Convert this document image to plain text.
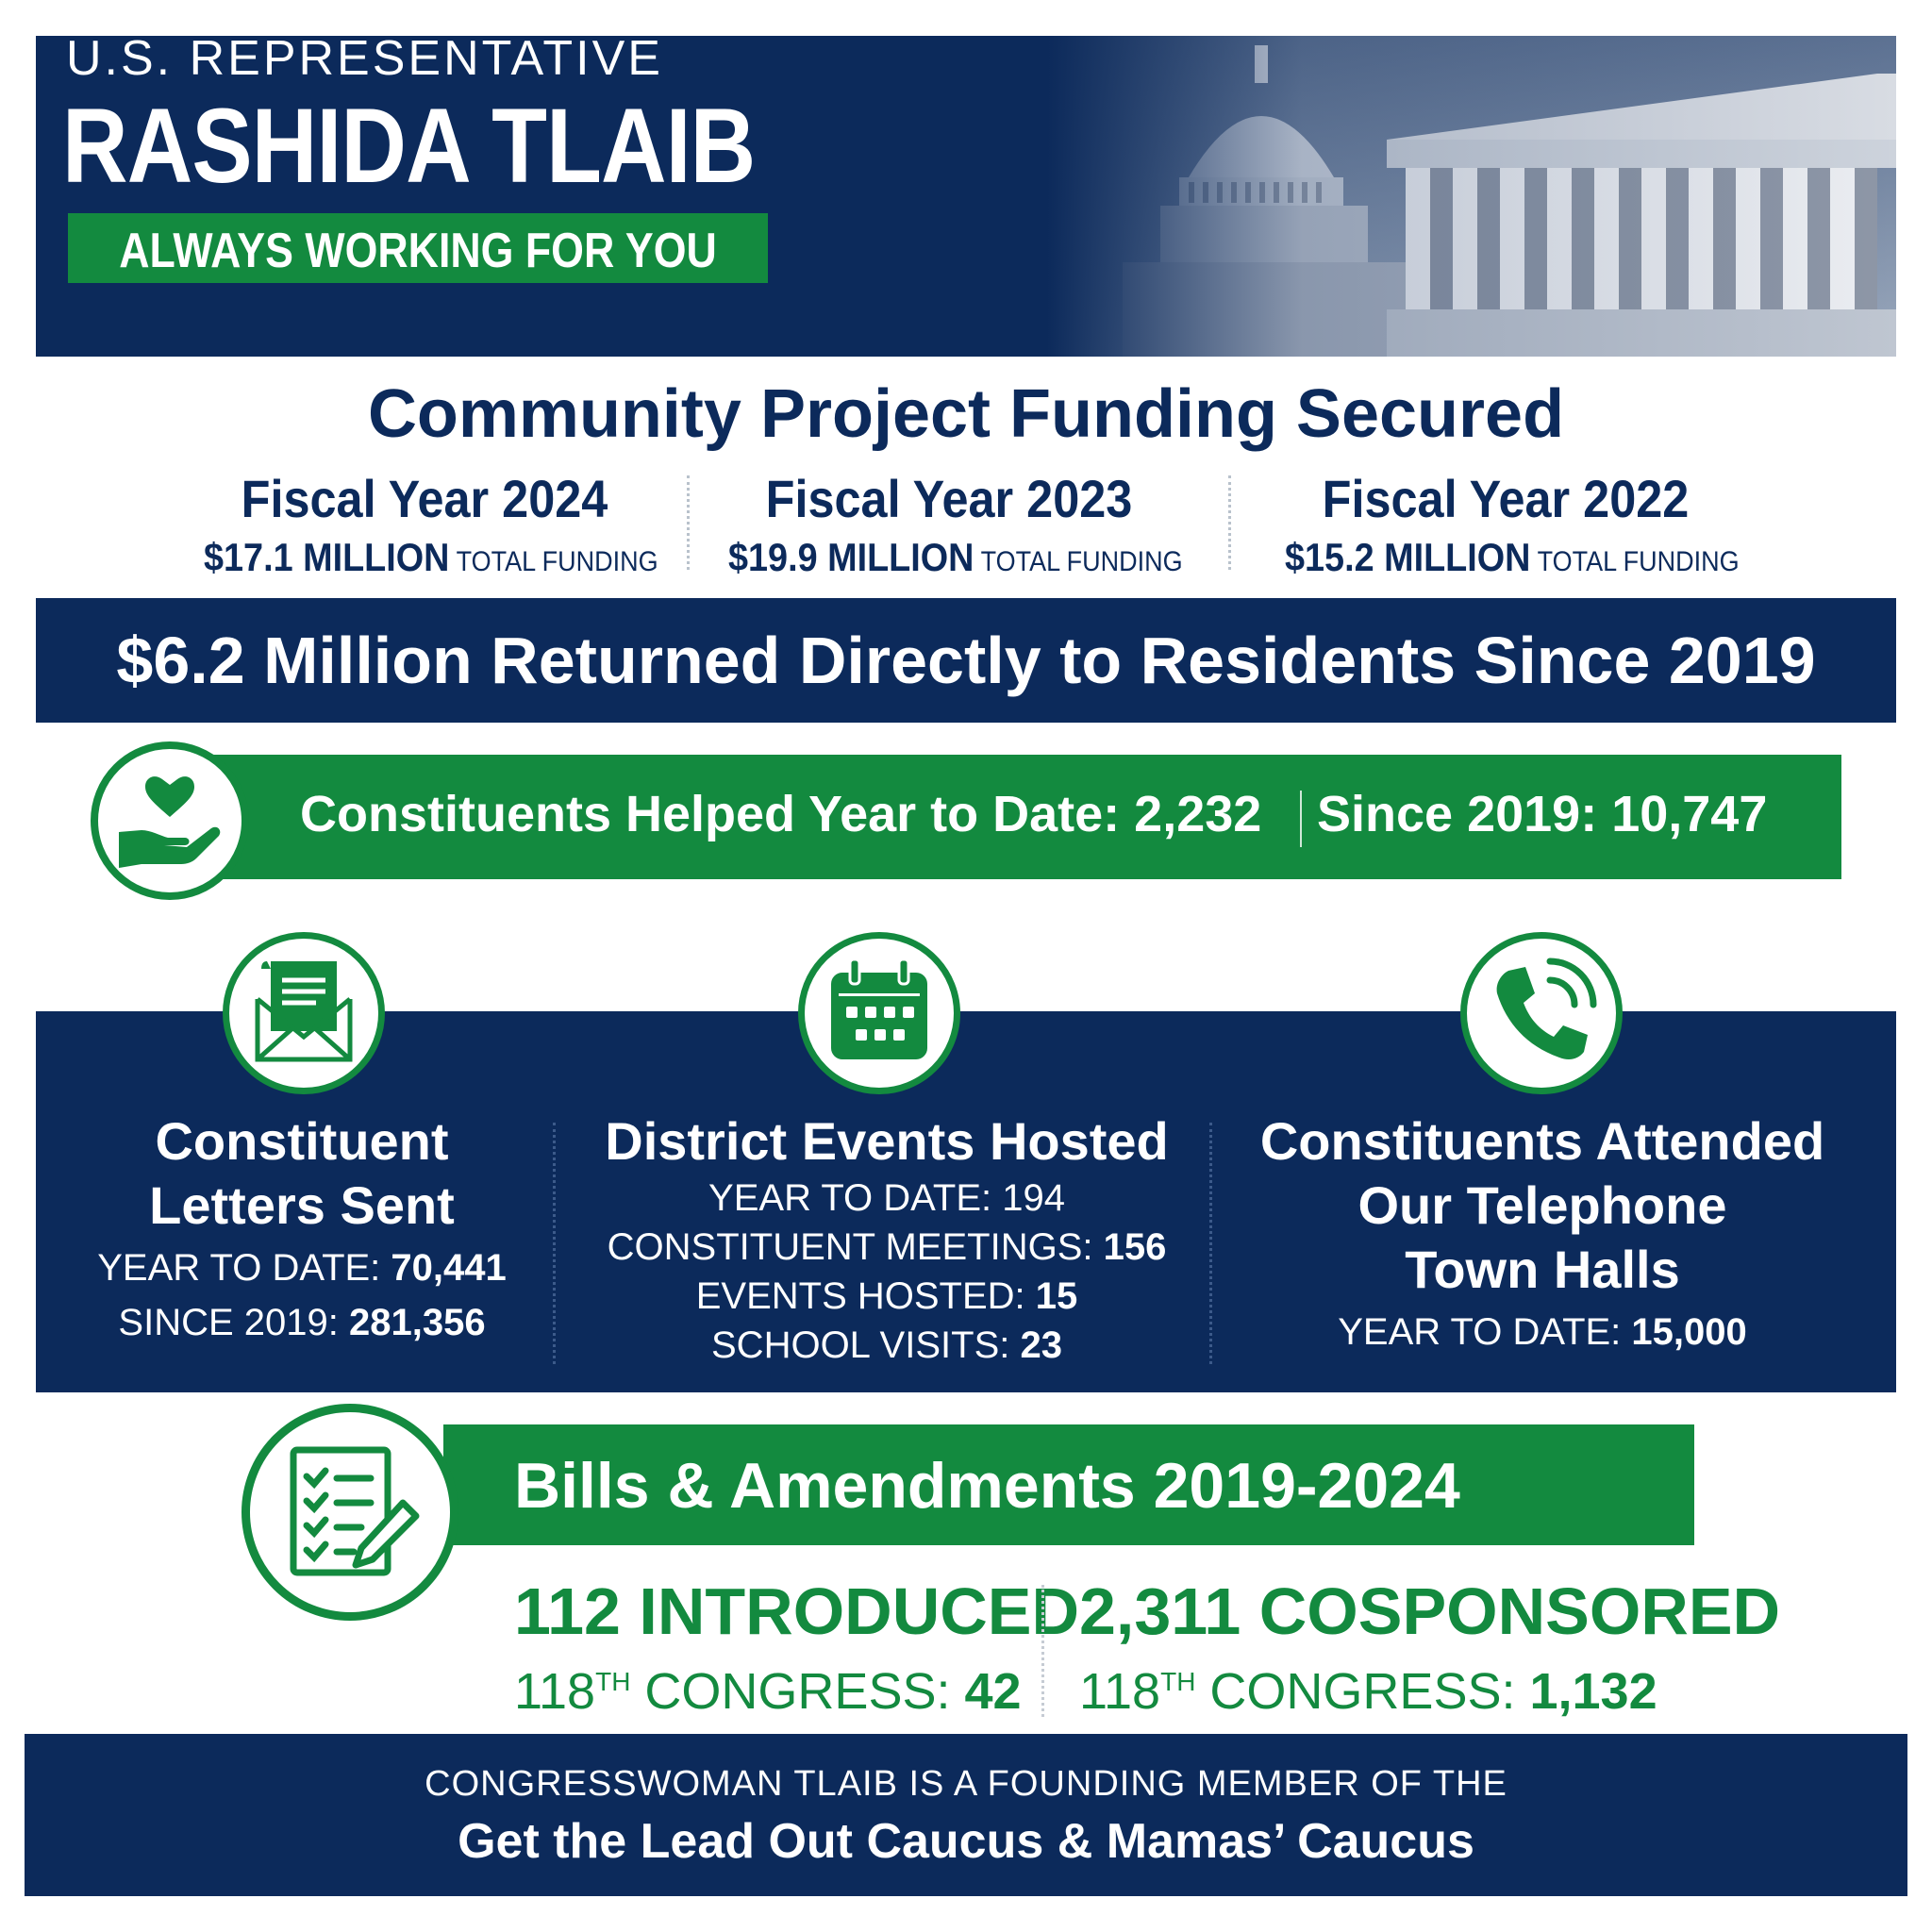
U.S. REPRESENTATIVE
RASHIDA TLAIB
ALWAYS WORKING FOR YOU
Community Project Funding Secured
Fiscal Year 2024
$17.1 MILLION TOTAL FUNDING
Fiscal Year 2023
$19.9 MILLION TOTAL FUNDING
Fiscal Year 2022
$15.2 MILLION TOTAL FUNDING
$6.2 Million Returned Directly to Residents Since 2019
Constituents Helped Year to Date: 2,232 Since 2019: 10,747
Constituent
Letters Sent
YEAR TO DATE: 70,441
SINCE 2019: 281,356
District Events Hosted
YEAR TO DATE: 194
CONSTITUENT MEETINGS: 156
EVENTS HOSTED: 15
SCHOOL VISITS: 23
Constituents Attended
Our Telephone
Town Halls
YEAR TO DATE: 15,000
Bills & Amendments 2019-2024
112 INTRODUCED
118TH CONGRESS: 42
2,311 COSPONSORED
118TH CONGRESS: 1,132
CONGRESSWOMAN TLAIB IS A FOUNDING MEMBER OF THE
Get the Lead Out Caucus & Mamas’ Caucus
